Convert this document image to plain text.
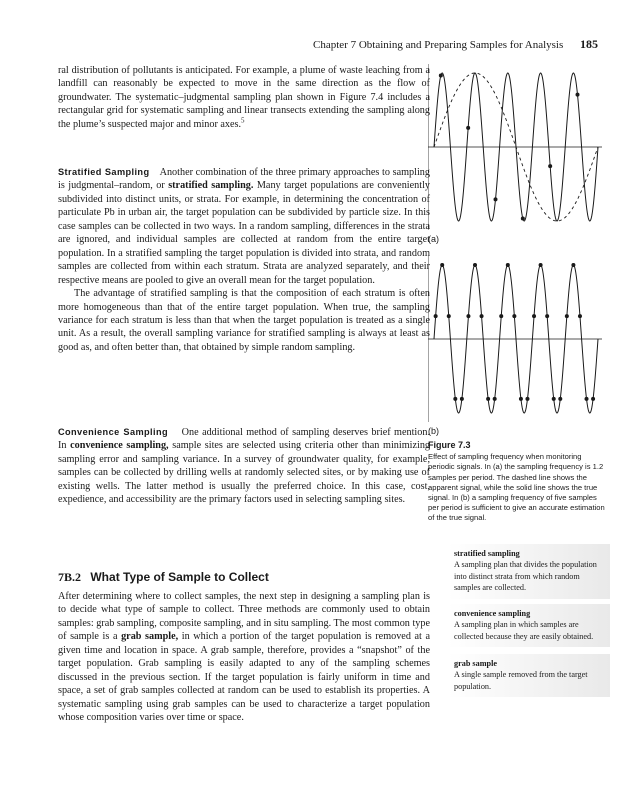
Chapter 7 Obtaining and Preparing Samples for Analysis 185

ral distribution of pollutants is anticipated. For example, a plume of waste leaching from a landfill can reasonably be expected to move in the same direction as the flow of groundwater. The systematic–judgmental sampling plan shown in Figure 7.4 includes a rectangular grid for systematic sampling and linear transects extending the sampling along the plume’s suspected major and minor axes.$^5$

Stratified Sampling Another combination of the three primary approaches to sampling is judgmental–random, or stratified sampling. Many target populations are conveniently subdivided into distinct units, or strata. For example, in determining the concentration of particulate Pb in urban air, the target population can be subdivided by particle size. In this case samples can be collected in two ways. In a random sampling, differences in the strata are ignored, and individual samples are collected at random from the entire target population. In a stratified sampling the target population is divided into strata, and random samples are collected from within each stratum. Strata are analyzed separately, and their respective means are pooled to give an overall mean for the target population.

The advantage of stratified sampling is that the composition of each stratum is often more homogeneous than that of the entire target population. When true, the sampling variance for each stratum is less than that when the target population is treated as a single unit. As a result, the overall sampling variance for stratified sampling is always at least as good as, and often better than, that obtained by simple random sampling.

Convenience Sampling One additional method of sampling deserves brief mention. In convenience sampling, sample sites are selected using criteria other than minimizing sampling error and sampling variance. In a survey of groundwater quality, for example, samples can be collected by drilling wells at randomly selected sites, or by making use of existing wells. The latter method is usually the preferred choice. In this case, cost, expedience, and accessibility are the primary factors used in selecting sampling sites.

7B.2 What Type of Sample to Collect

After determining where to collect samples, the next step in designing a sampling plan is to decide what type of sample to collect. Three methods are commonly used to obtain samples: grab sampling, composite sampling, and in situ sampling. The most common type of sample is a grab sample, in which a portion of the target population is removed at a given time and location in space. A grab sample, therefore, provides a “snapshot” of the target population. Grab sampling is easily adapted to any of the sampling schemes discussed in the previous section. If the target population is fairly uniform in time and space, a set of grab samples collected at random can be used to establish its properties. A systematic sampling using grab samples can be used to characterize a target population whose composition varies over time or space.

(a)
(b)
Figure 7.3
Effect of sampling frequency when monitoring periodic signals. In (a) the sampling frequency is 1.2 samples per period. The dashed line shows the apparent signal, while the solid line shows the true signal. In (b) a sampling frequency of five samples per period is sufficient to give an accurate estimation of the true signal.
stratified sampling
A sampling plan that divides the population into distinct strata from which random samples are collected.
convenience sampling
A sampling plan in which samples are collected because they are easily obtained.
grab sample
A single sample removed from the target population.
